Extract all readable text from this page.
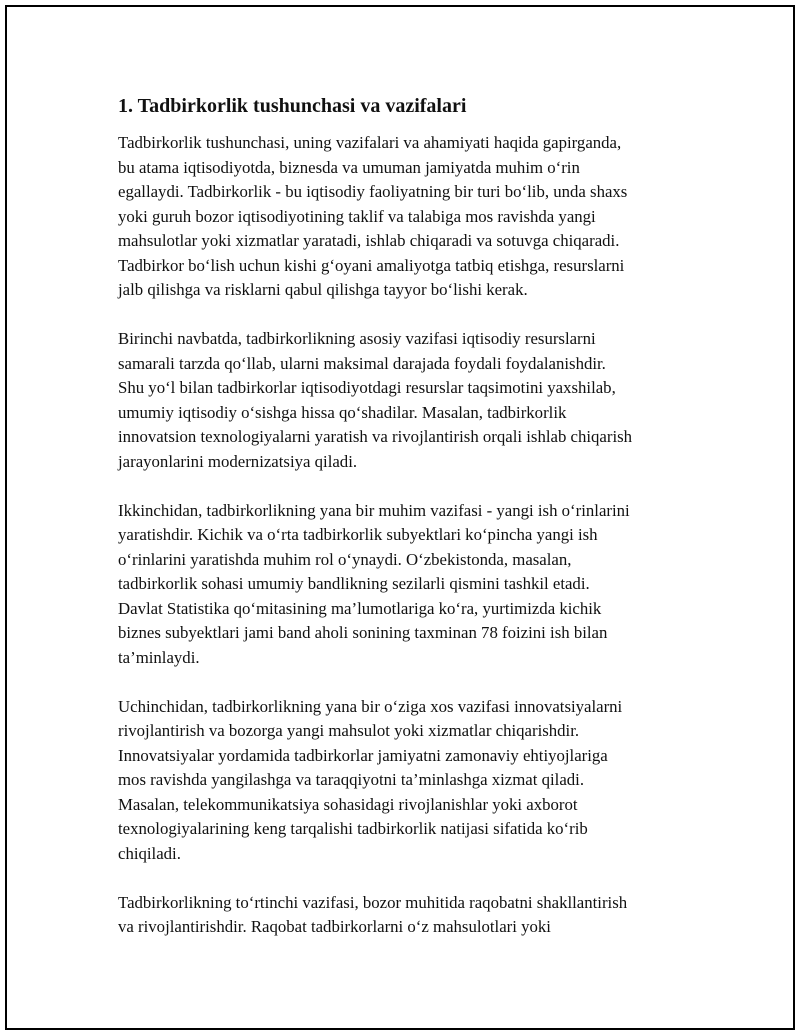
1. Tadbirkorlik tushunchasi va vazifalari

Tadbirkorlik tushunchasi, uning vazifalari va ahamiyati haqida gapirganda,
bu atama iqtisodiyotda, biznesda va umuman jamiyatda muhim o‘rin
egallaydi. Tadbirkorlik - bu iqtisodiy faoliyatning bir turi bo‘lib, unda shaxs
yoki guruh bozor iqtisodiyotining taklif va talabiga mos ravishda yangi
mahsulotlar yoki xizmatlar yaratadi, ishlab chiqaradi va sotuvga chiqaradi.
Tadbirkor bo‘lish uchun kishi g‘oyani amaliyotga tatbiq etishga, resurslarni
jalb qilishga va risklarni qabul qilishga tayyor bo‘lishi kerak.

Birinchi navbatda, tadbirkorlikning asosiy vazifasi iqtisodiy resurslarni
samarali tarzda qo‘llab, ularni maksimal darajada foydali foydalanishdir.
Shu yo‘l bilan tadbirkorlar iqtisodiyotdagi resurslar taqsimotini yaxshilab,
umumiy iqtisodiy o‘sishga hissa qo‘shadilar. Masalan, tadbirkorlik
innovatsion texnologiyalarni yaratish va rivojlantirish orqali ishlab chiqarish
jarayonlarini modernizatsiya qiladi.

Ikkinchidan, tadbirkorlikning yana bir muhim vazifasi - yangi ish o‘rinlarini
yaratishdir. Kichik va o‘rta tadbirkorlik subyektlari ko‘pincha yangi ish
o‘rinlarini yaratishda muhim rol o‘ynaydi. O‘zbekistonda, masalan,
tadbirkorlik sohasi umumiy bandlikning sezilarli qismini tashkil etadi.
Davlat Statistika qo‘mitasining ma’lumotlariga ko‘ra, yurtimizda kichik
biznes subyektlari jami band aholi sonining taxminan 78 foizini ish bilan
ta’minlaydi.

Uchinchidan, tadbirkorlikning yana bir o‘ziga xos vazifasi innovatsiyalarni
rivojlantirish va bozorga yangi mahsulot yoki xizmatlar chiqarishdir.
Innovatsiyalar yordamida tadbirkorlar jamiyatni zamonaviy ehtiyojlariga
mos ravishda yangilashga va taraqqiyotni ta’minlashga xizmat qiladi.
Masalan, telekommunikatsiya sohasidagi rivojlanishlar yoki axborot
texnologiyalarining keng tarqalishi tadbirkorlik natijasi sifatida ko‘rib
chiqiladi.

Tadbirkorlikning to‘rtinchi vazifasi, bozor muhitida raqobatni shakllantirish
va rivojlantirishdir. Raqobat tadbirkorlarni o‘z mahsulotlari yoki
